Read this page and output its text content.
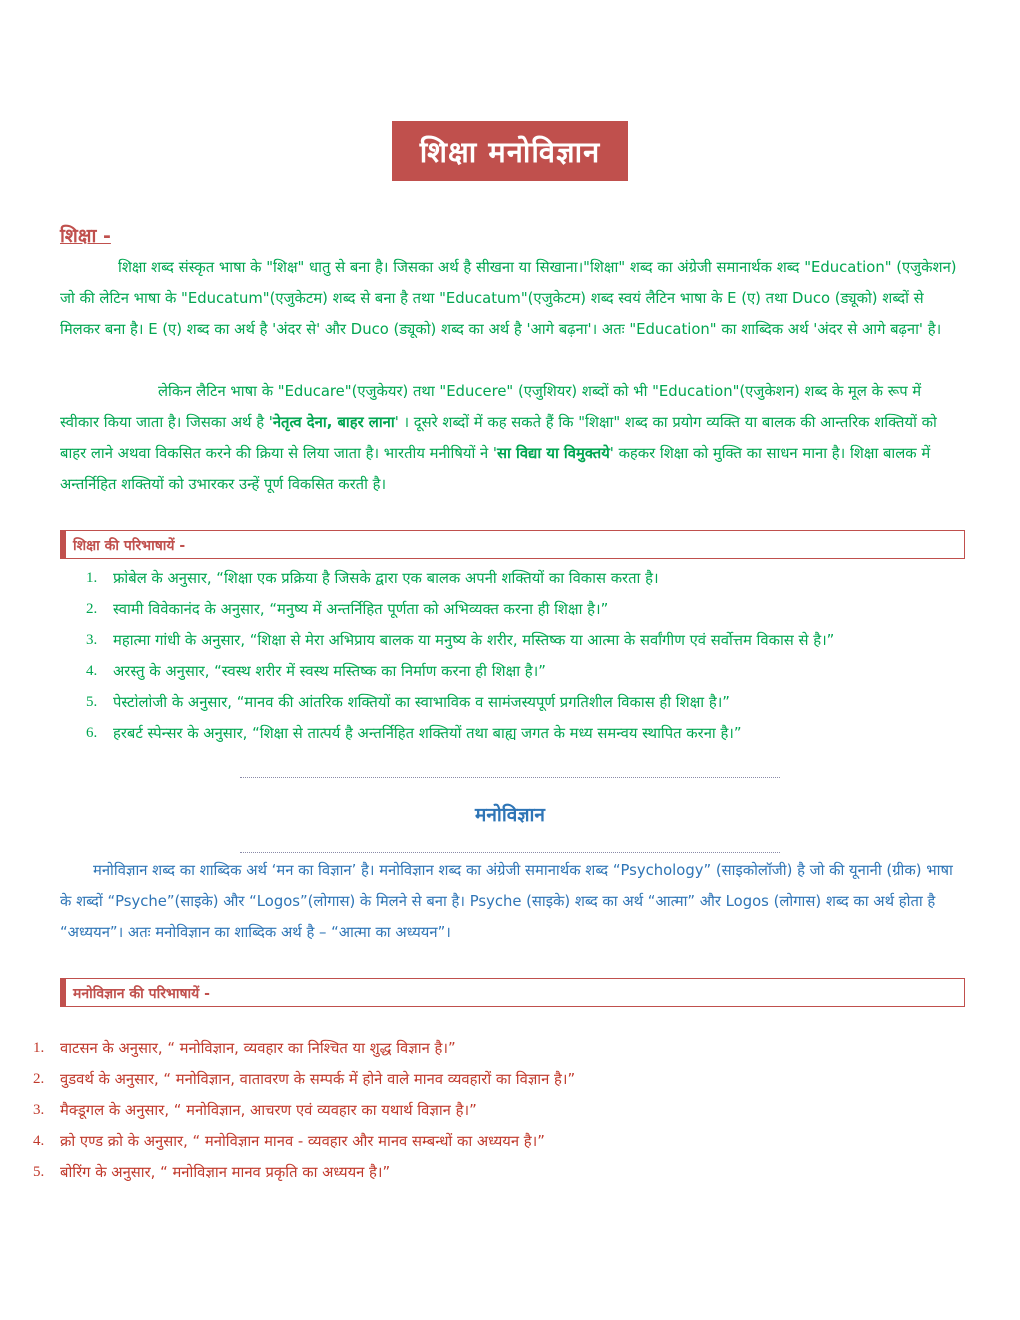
शिक्षा मनोविज्ञान
शिक्षा -

शिक्षा शब्द संस्कृत भाषा के "शिक्ष" धातु से बना है। जिसका अर्थ है सीखना या सिखाना।"शिक्षा" शब्द का अंग्रेजी समानार्थक शब्द "Education" (एजुकेशन) जो की लेटिन भाषा के "Educatum"(एजुकेटम) शब्द से बना है तथा "Educatum"(एजुकेटम) शब्द स्वयं लैटिन भाषा के E (ए) तथा Duco (ड्यूको) शब्दों से मिलकर बना है। E (ए) शब्द का अर्थ है 'अंदर से' और Duco (ड्यूको) शब्द का अर्थ है 'आगे बढ़ना'। अतः "Education" का शाब्दिक अर्थ 'अंदर से आगे बढ़ना' है।

लेकिन लैटिन भाषा के "Educare"(एजुकेयर) तथा "Educere" (एजुशियर) शब्दों को भी "Education"(एजुकेशन) शब्द के मूल के रूप में स्वीकार किया जाता है। जिसका अर्थ है 'नेतृत्व देना, बाहर लाना' । दूसरे शब्दों में कह सकते हैं कि "शिक्षा" शब्द का प्रयोग व्यक्ति या बालक की आन्तरिक शक्तियों को बाहर लाने अथवा विकसित करने की क्रिया से लिया जाता है। भारतीय मनीषियों ने 'सा विद्या या विमुक्तये' कहकर शिक्षा को मुक्ति का साधन माना है। शिक्षा बालक में अन्तर्निहित शक्तियों को उभारकर उन्हें पूर्ण विकसित करती है।

शिक्षा की परिभाषायें -
1. फ्रा॓बेल के अनुसार, “शिक्षा एक प्रक्रिया है जिसके द्वारा एक बालक अपनी शक्तियों का विकास करता है।
2. स्वामी विवेकानंद के अनुसार, “मनुष्य में अन्तर्निहित पूर्णता को अभिव्यक्त करना ही शिक्षा है।”
3. महात्मा गांधी के अनुसार, “शिक्षा से मेरा अभिप्राय बालक या मनुष्य के शरीर, मस्तिष्क या आत्मा के सर्वांगीण एवं सर्वोत्तम विकास से है।”
4. अरस्तु के अनुसार, “स्वस्थ शरीर में स्वस्थ मस्तिष्क का निर्माण करना ही शिक्षा है।”
5. पेस्टा॓ला॓जी के अनुसार, “मानव की आंतरिक शक्तियों का स्वाभाविक व सामंजस्यपूर्ण प्रगतिशील विकास ही शिक्षा है।”
6. हरबर्ट स्पेन्सर के अनुसार, “शिक्षा से तात्पर्य है अन्तर्निहित शक्तियों तथा बाह्य जगत के मध्य समन्वय स्थापित करना है।”
मनोविज्ञान

मनोविज्ञान शब्द का शाब्दिक अर्थ ‘मन का विज्ञान’ है। मनोविज्ञान शब्द का अंग्रेजी समानार्थक शब्द “Psychology” (साइकोलॉजी) है जो की यूनानी (ग्रीक) भाषा के शब्दों “Psyche”(साइके) और “Logos”(लोगास) के मिलने से बना है। Psyche (साइके) शब्द का अर्थ “आत्मा” और Logos (लोगास) शब्द का अर्थ होता है “अध्ययन”। अतः मनोविज्ञान का शाब्दिक अर्थ है – “आत्मा का अध्ययन”।

मनोविज्ञान की परिभाषायें -
1. वाटसन के अनुसार, “ मनोविज्ञान, व्यवहार का निश्चित या शुद्ध विज्ञान है।”
2. वुडवर्थ के अनुसार, “ मनोविज्ञान, वातावरण के सम्पर्क में होने वाले मानव व्यवहारों का विज्ञान है।”
3. मैक्डूगल के अनुसार, “ मनोविज्ञान, आचरण एवं व्यवहार का यथार्थ विज्ञान है।”
4. क्रो एण्ड क्रो के अनुसार, “ मनोविज्ञान मानव - व्यवहार और मानव सम्बन्धों का अध्ययन है।”
5. बोरिंग के अनुसार, “ मनोविज्ञान मानव प्रकृति का अध्ययन है।”
